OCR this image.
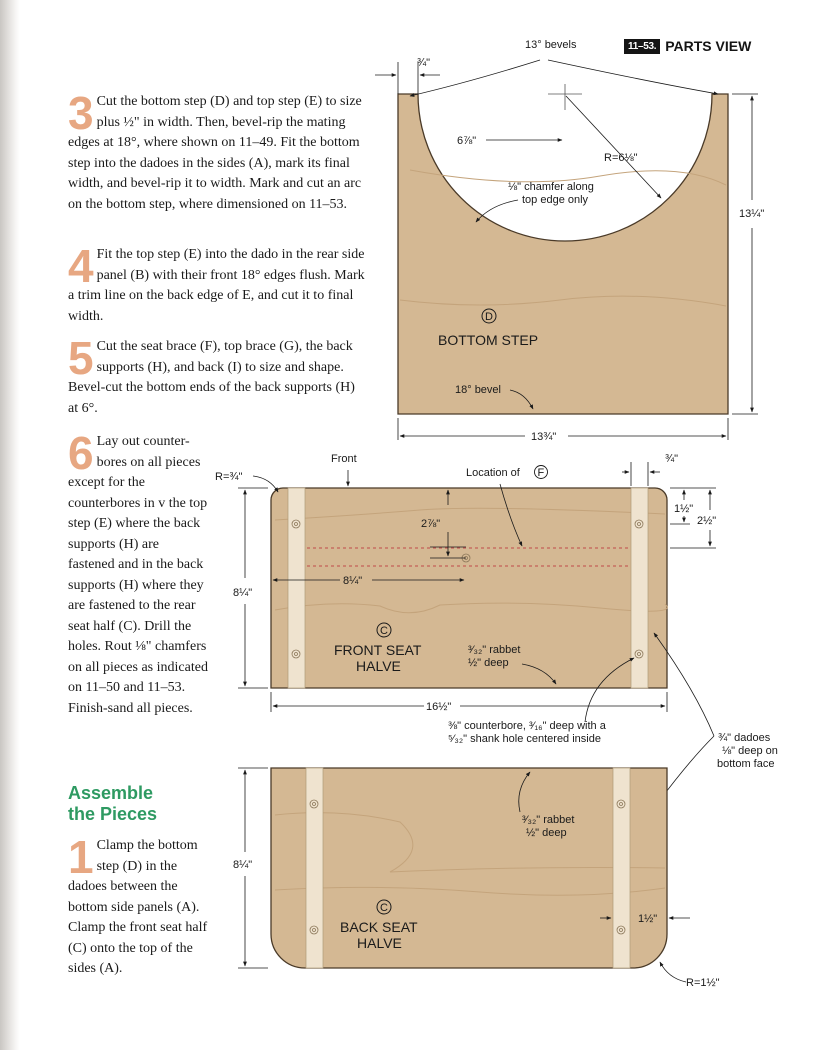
3 Cut the bottom step (D) and top step (E) to size plus ½" in width. Then, bevel-rip the mating edges at 18°, where shown on 11–49. Fit the bottom step into the dadoes in the sides (A), mark its final width, and bevel-rip it to width. Mark and cut an arc on the bottom step, where dimensioned on 11–53.

4 Fit the top step (E) into the dado in the rear side panel (B) with their front 18° edges flush. Mark a trim line on the back edge of E, and cut it to final width.

5 Cut the seat brace (F), top brace (G), the back supports (H), and back (I) to size and shape. Bevel-cut the bottom ends of the back supports (H) at 6°.

6 Lay out counter-bores on all pieces except for the counterbores in v the top step (E) where the back supports (H) are fastened and in the back supports (H) where they are fastened to the rear seat half (C). Drill the holes. Rout ⅛" chamfers on all pieces as indicated on 11–50 and 11–53. Finish-sand all pieces.

Assemble
the Pieces

1 Clamp the bottom step (D) in the dadoes between the bottom side panels (A). Clamp the front seat half (C) onto the top of the sides (A).

11–53. PARTS VIEW
13° bevels
¾"
6⅞"
R=6⅛"
⅛" chamfer along
top edge only
D
BOTTOM STEP
18° bevel
13¼"
13¾"
Front
R=¾"	Location of F
2⅞"
8¼"
¾"
1½"
2½"
8¼"
C
FRONT SEAT
HALVE
³⁄₃₂" rabbet
½" deep
16½"
⅜" counterbore, ³⁄₁₆" deep with a
⁵⁄₃₂" shank hole centered inside	¾" dadoes
⅛" deep on
bottom face
³⁄₃₂" rabbet
½" deep
C
BACK SEAT
HALVE
8¼"
1½"
R=1½"
